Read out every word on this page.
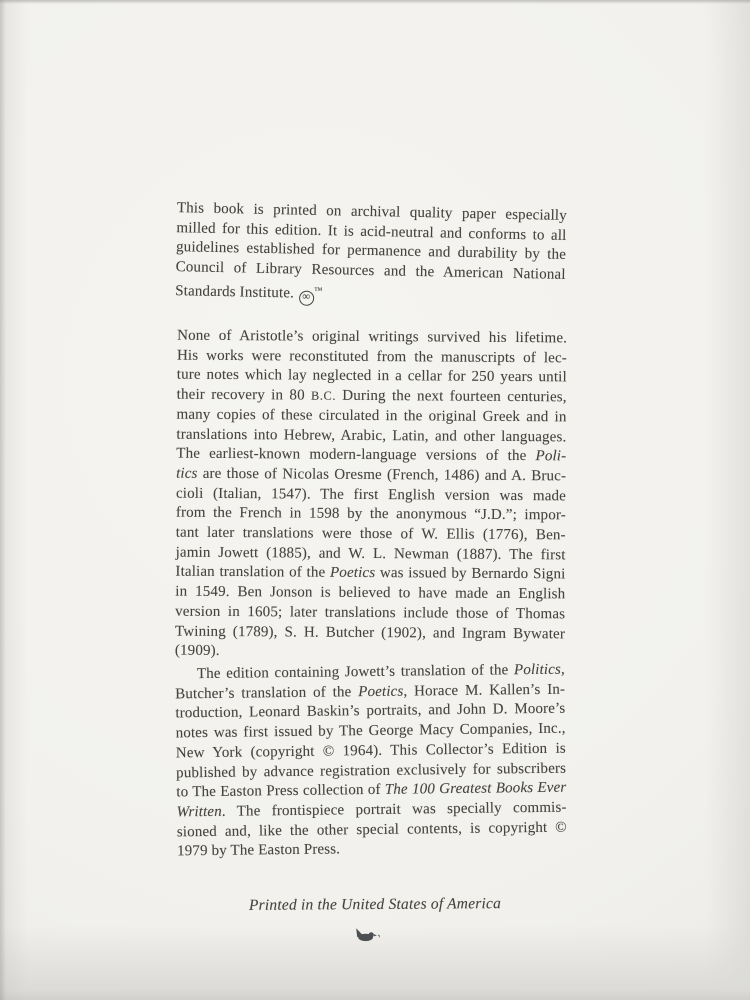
This book is printed on archival quality paper especially
milled for this edition. It is acid-neutral and conforms to all
guidelines established for permanence and durability by the
Council of Library Resources and the American National
Standards Institute. ∞™
None of Aristotle’s original writings survived his lifetime.
His works were reconstituted from the manuscripts of lec-
ture notes which lay neglected in a cellar for 250 years until
their recovery in 80 B.C. During the next fourteen centuries,
many copies of these circulated in the original Greek and in
translations into Hebrew, Arabic, Latin, and other languages.
The earliest-known modern-language versions of the Poli-
tics are those of Nicolas Oresme (French, 1486) and A. Bruc-
cioli (Italian, 1547). The first English version was made
from the French in 1598 by the anonymous “J.D.”; impor-
tant later translations were those of W. Ellis (1776), Ben-
jamin Jowett (1885), and W. L. Newman (1887). The first
Italian translation of the Poetics was issued by Bernardo Signi
in 1549. Ben Jonson is believed to have made an English
version in 1605; later translations include those of Thomas
Twining (1789), S. H. Butcher (1902), and Ingram Bywater
(1909).
The edition containing Jowett’s translation of the Politics,
Butcher’s translation of the Poetics, Horace M. Kallen’s In-
troduction, Leonard Baskin’s portraits, and John D. Moore’s
notes was first issued by The George Macy Companies, Inc.,
New York (copyright © 1964). This Collector’s Edition is
published by advance registration exclusively for subscribers
to The Easton Press collection of The 100 Greatest Books Ever
Written. The frontispiece portrait was specially commis-
sioned and, like the other special contents, is copyright ©
1979 by The Easton Press.
Printed in the United States of America
